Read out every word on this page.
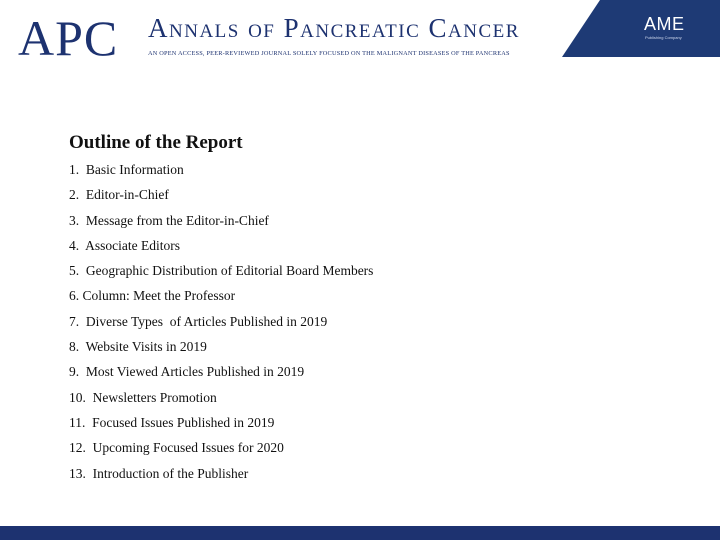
APC Annals of Pancreatic Cancer
AN OPEN ACCESS, PEER-REVIEWED JOURNAL SOLELY FOCUSED ON THE MALIGNANT DISEASES OF THE PANCREAS
AME
Publishing Company
Outline of the Report
1.  Basic Information
2.  Editor-in-Chief
3.  Message from the Editor-in-Chief
4.  Associate Editors
5.  Geographic Distribution of Editorial Board Members
6. Column: Meet the Professor
7.  Diverse Types  of Articles Published in 2019
8.  Website Visits in 2019
9.  Most Viewed Articles Published in 2019
10.  Newsletters Promotion
11.  Focused Issues Published in 2019
12.  Upcoming Focused Issues for 2020
13.  Introduction of the Publisher
